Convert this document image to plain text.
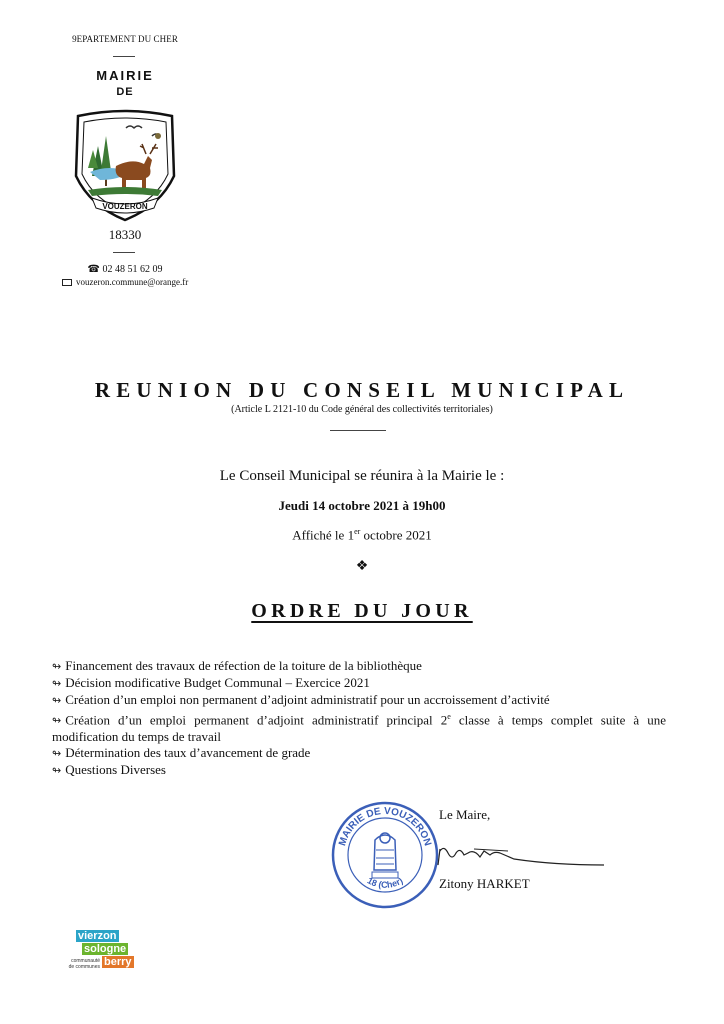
9EPARTEMENT DU CHER
MAIRIE
DE
VOUZERON
18330
☎ 02 48 51 62 09
vouzeron.commune@orange.fr
REUNION DU CONSEIL MUNICIPAL
(Article L 2121-10 du Code général des collectivités territoriales)
Le Conseil Municipal se réunira à la Mairie le :
Jeudi 14 octobre 2021 à 19h00
Affiché le 1er octobre 2021
❖
ORDRE DU JOUR
↬ Financement des travaux de réfection de la toiture de la bibliothèque
↬ Décision modificative Budget Communal – Exercice 2021
↬ Création d’un emploi non permanent d’adjoint administratif pour un accroissement d’activité
↬ Création d’un emploi permanent d’adjoint administratif principal 2e classe à temps complet suite à une modification du temps de travail
↬ Détermination des taux d’avancement de grade
↬ Questions Diverses
MAIRIE DE VOUZERON
18 (Cher)
Le Maire,
Zitony HARKET
vierzon
sologne
berry
communauté
de communes
